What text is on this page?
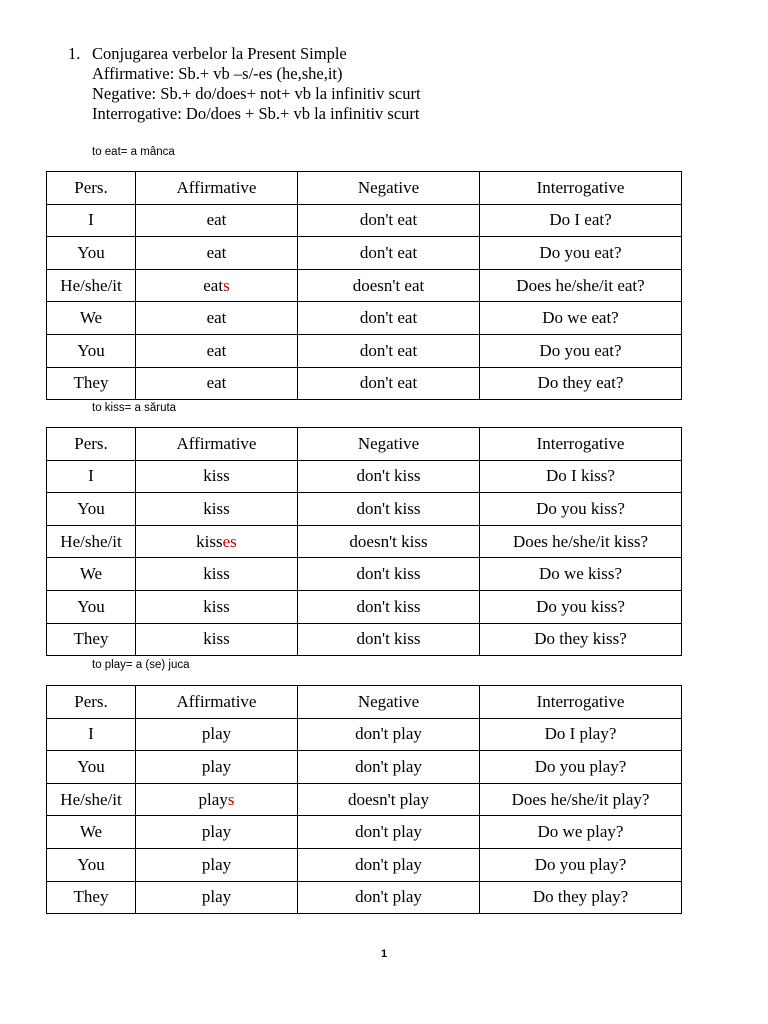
1. Conjugarea verbelor la Present Simple
Affirmative: Sb.+ vb –s/-es (he,she,it)
Negative: Sb.+ do/does+ not+ vb la infinitiv scurt
Interrogative: Do/does + Sb.+ vb la infinitiv scurt
to eat= a mânca
Pers.	Affirmative	Negative	Interrogative
I	eat	don't eat	Do I eat?
You	eat	don't eat	Do you eat?
He/she/it	eats	doesn't eat	Does he/she/it eat?
We	eat	don't eat	Do we eat?
You	eat	don't eat	Do you eat?
They	eat	don't eat	Do they eat?
to kiss= a săruta
Pers.	Affirmative	Negative	Interrogative
I	kiss	don't kiss	Do I kiss?
You	kiss	don't kiss	Do you kiss?
He/she/it	kisses	doesn't kiss	Does he/she/it kiss?
We	kiss	don't kiss	Do we kiss?
You	kiss	don't kiss	Do you kiss?
They	kiss	don't kiss	Do they kiss?
to play= a (se) juca
Pers.	Affirmative	Negative	Interrogative
I	play	don't play	Do I play?
You	play	don't play	Do you play?
He/she/it	plays	doesn't play	Does he/she/it play?
We	play	don't play	Do we play?
You	play	don't play	Do you play?
They	play	don't play	Do they play?
1
